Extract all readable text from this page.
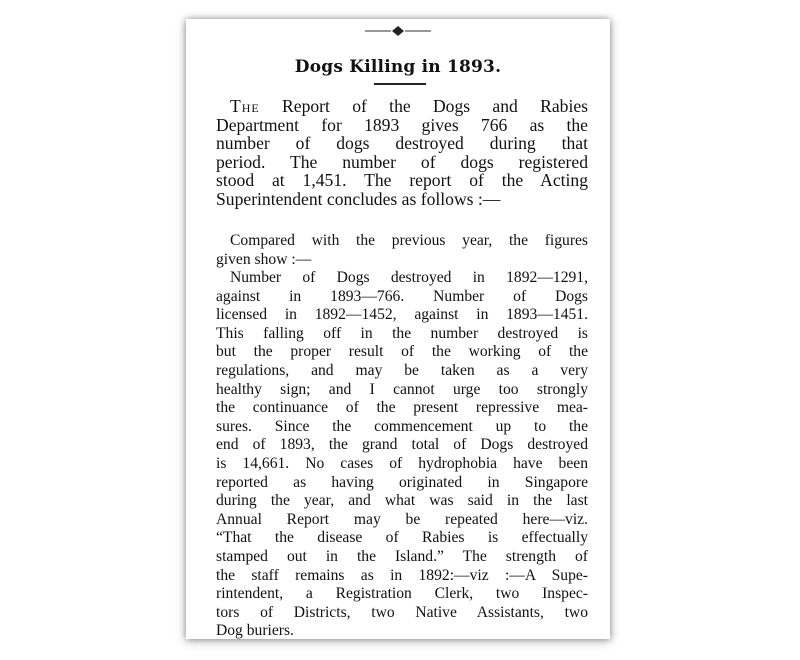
Dogs Killing in 1893.

The Report of the Dogs and Rabies
Department for 1893 gives 766 as the
number of dogs destroyed during that
period. The number of dogs registered
stood at 1,451. The report of the Acting
Superintendent concludes as follows :—

Compared with the previous year, the figures
given show :—

Number of Dogs destroyed in 1892—1291,
against in 1893—766. Number of Dogs
licensed in 1892—1452, against in 1893—1451.
This falling off in the number destroyed is
but the proper result of the working of the
regulations, and may be taken as a very
healthy sign; and I cannot urge too strongly
the continuance of the present repressive mea-
sures. Since the commencement up to the
end of 1893, the grand total of Dogs destroyed
is 14,661. No cases of hydrophobia have been
reported as having originated in Singapore
during the year, and what was said in the last
Annual Report may be repeated here—viz.
“That the disease of Rabies is effectually
stamped out in the Island.” The strength of
the staff remains as in 1892:—viz :—A Supe-
rintendent, a Registration Clerk, two Inspec-
tors of Districts, two Native Assistants, two
Dog buriers.
